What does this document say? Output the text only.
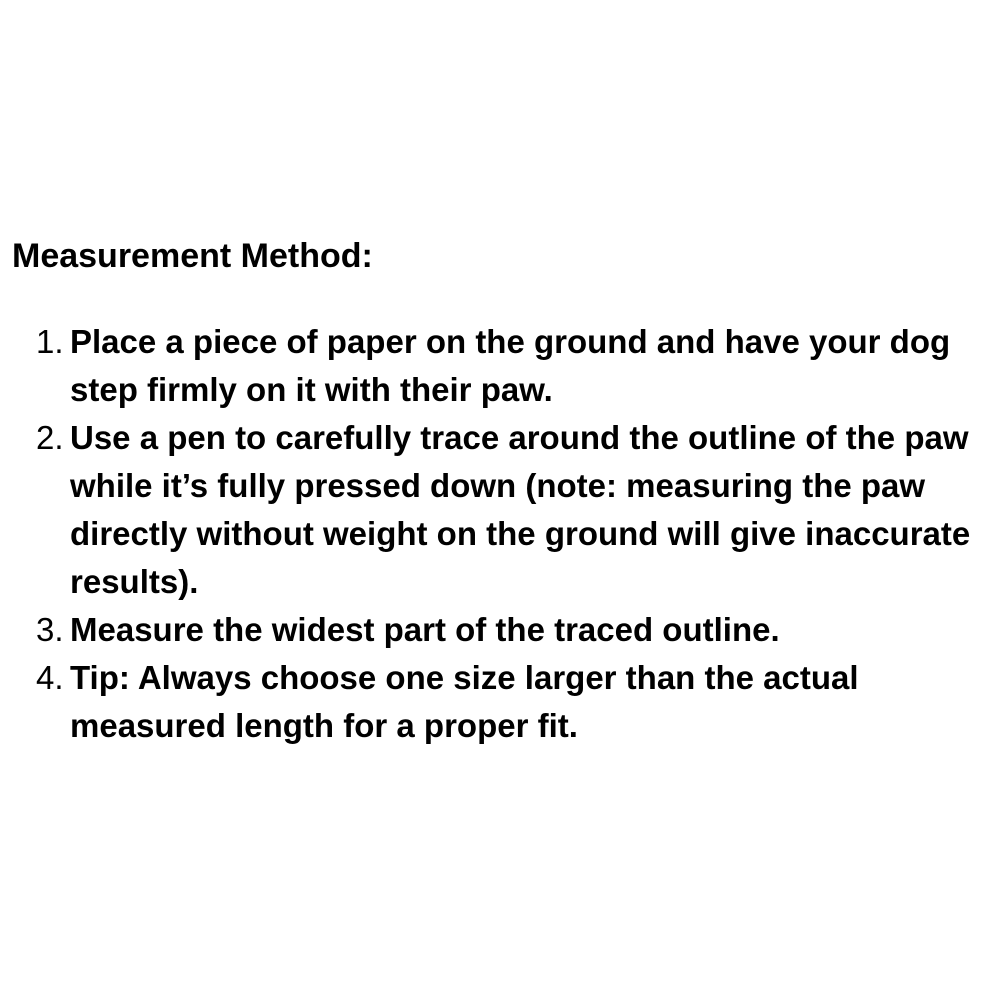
Measurement Method:
1. Place a piece of paper on the ground and have your dog step firmly on it with their paw.
2. Use a pen to carefully trace around the outline of the paw while it’s fully pressed down (note: measuring the paw directly without weight on the ground will give inaccurate results).
3. Measure the widest part of the traced outline.
4. Tip: Always choose one size larger than the actual measured length for a proper fit.
